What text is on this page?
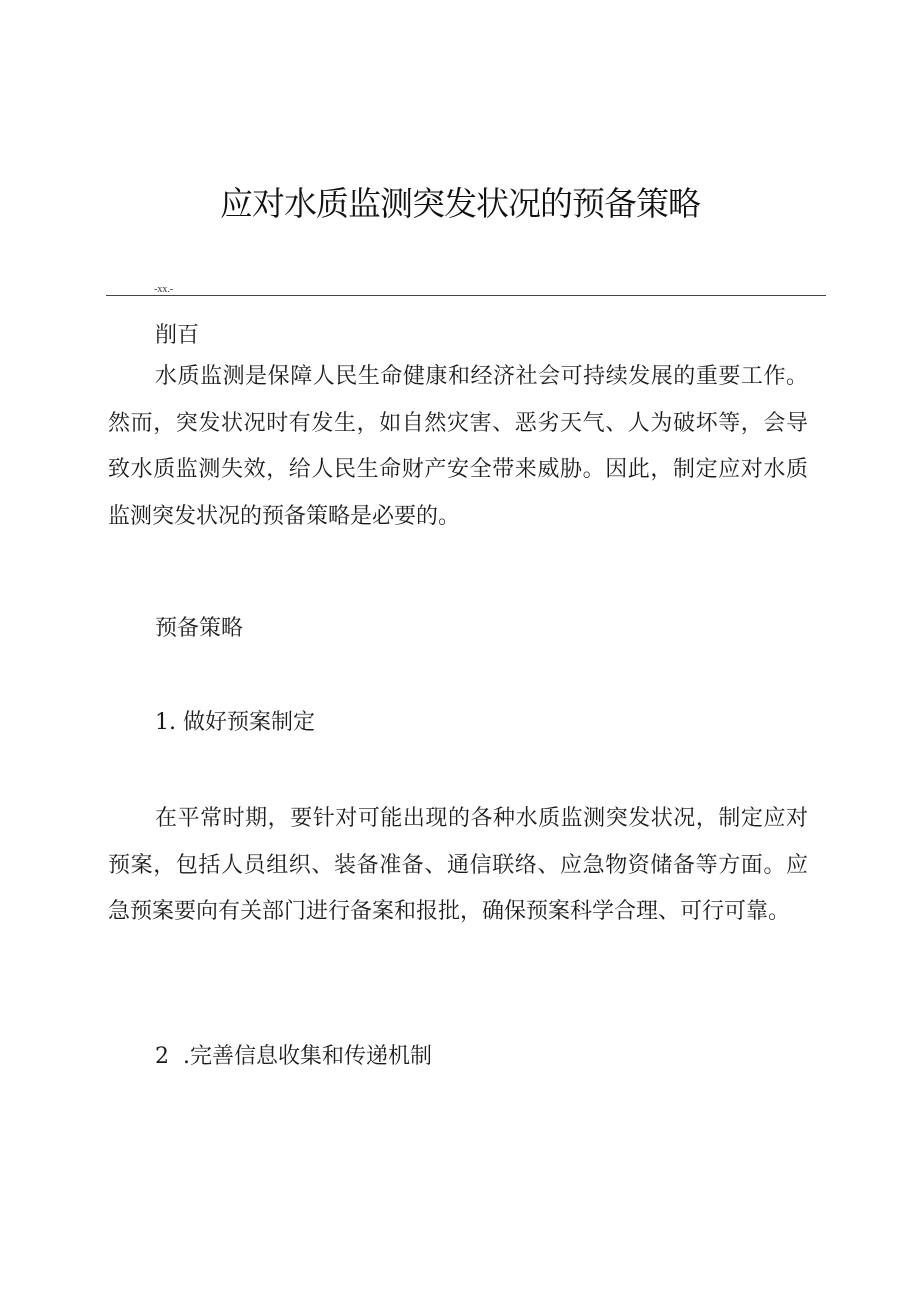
应对水质监测突发状况的预备策略
-xx.-

削百

水质监测是保障人民生命健康和经济社会可持续发展的重要工作。然而，突发状况时有发生，如自然灾害、恶劣天气、人为破坏等，会导致水质监测失效，给人民生命财产安全带来威胁。因此，制定应对水质监测突发状况的预备策略是必要的。

预备策略

1. 做好预案制定

在平常时期，要针对可能出现的各种水质监测突发状况，制定应对预案，包括人员组织、装备准备、通信联络、应急物资储备等方面。应急预案要向有关部门进行备案和报批，确保预案科学合理、可行可靠。

2  .完善信息收集和传递机制
